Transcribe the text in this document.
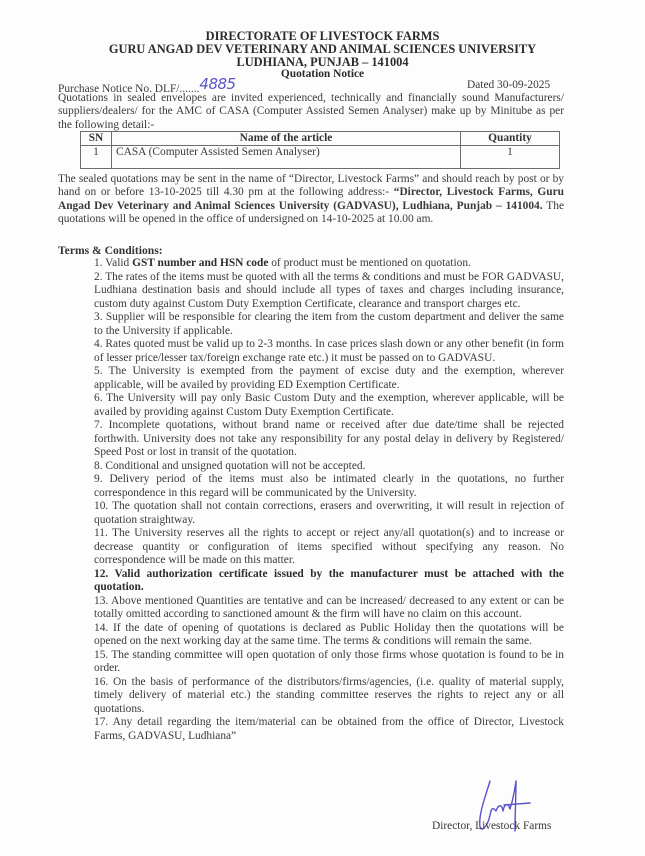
DIRECTORATE OF LIVESTOCK FARMS
GURU ANGAD DEV VETERINARY AND ANIMAL SCIENCES UNIVERSITY
LUDHIANA, PUNJAB – 141004
Quotation Notice
Purchase Notice No. DLF/.......4885	Dated 30-09-2025
Quotations in sealed envelopes are invited experienced, technically and financially sound Manufacturers/ suppliers/dealers/ for the AMC of CASA (Computer Assisted Semen Analyser) make up by Minitube as per the following detail:-
SN	Name of the article	Quantity
1	CASA (Computer Assisted Semen Analyser)	1
The sealed quotations may be sent in the name of “Director, Livestock Farms” and should reach by post or by hand on or before 13-10-2025 till 4.30 pm at the following address:- “Director, Livestock Farms, Guru Angad Dev Veterinary and Animal Sciences University (GADVASU), Ludhiana, Punjab – 141004. The quotations will be opened in the office of undersigned on 14-10-2025 at 10.00 am.
Terms & Conditions:

1. Valid GST number and HSN code of product must be mentioned on quotation.

2. The rates of the items must be quoted with all the terms & conditions and must be FOR GADVASU, Ludhiana destination basis and should include all types of taxes and charges including insurance, custom duty against Custom Duty Exemption Certificate, clearance and transport charges etc.

3. Supplier will be responsible for clearing the item from the custom department and deliver the same to the University if applicable.

4. Rates quoted must be valid up to 2-3 months. In case prices slash down or any other benefit (in form of lesser price/lesser tax/foreign exchange rate etc.) it must be passed on to GADVASU.

5. The University is exempted from the payment of excise duty and the exemption, wherever applicable, will be availed by providing ED Exemption Certificate.

6. The University will pay only Basic Custom Duty and the exemption, wherever applicable, will be availed by providing against Custom Duty Exemption Certificate.

7. Incomplete quotations, without brand name or received after due date/time shall be rejected forthwith. University does not take any responsibility for any postal delay in delivery by Registered/ Speed Post or lost in transit of the quotation.

8. Conditional and unsigned quotation will not be accepted.

9. Delivery period of the items must also be intimated clearly in the quotations, no further correspondence in this regard will be communicated by the University.

10. The quotation shall not contain corrections, erasers and overwriting, it will result in rejection of quotation straightway.

11. The University reserves all the rights to accept or reject any/all quotation(s) and to increase or decrease quantity or configuration of items specified without specifying any reason. No correspondence will be made on this matter.

12. Valid authorization certificate issued by the manufacturer must be attached with the quotation.

13. Above mentioned Quantities are tentative and can be increased/ decreased to any extent or can be totally omitted according to sanctioned amount & the firm will have no claim on this account.

14. If the date of opening of quotations is declared as Public Holiday then the quotations will be opened on the next working day at the same time. The terms & conditions will remain the same.

15. The standing committee will open quotation of only those firms whose quotation is found to be in order.

16. On the basis of performance of the distributors/firms/agencies, (i.e. quality of material supply, timely delivery of material etc.) the standing committee reserves the rights to reject any or all quotations.

17. Any detail regarding the item/material can be obtained from the office of Director, Livestock Farms, GADVASU, Ludhiana”

Director, Livestock Farms
